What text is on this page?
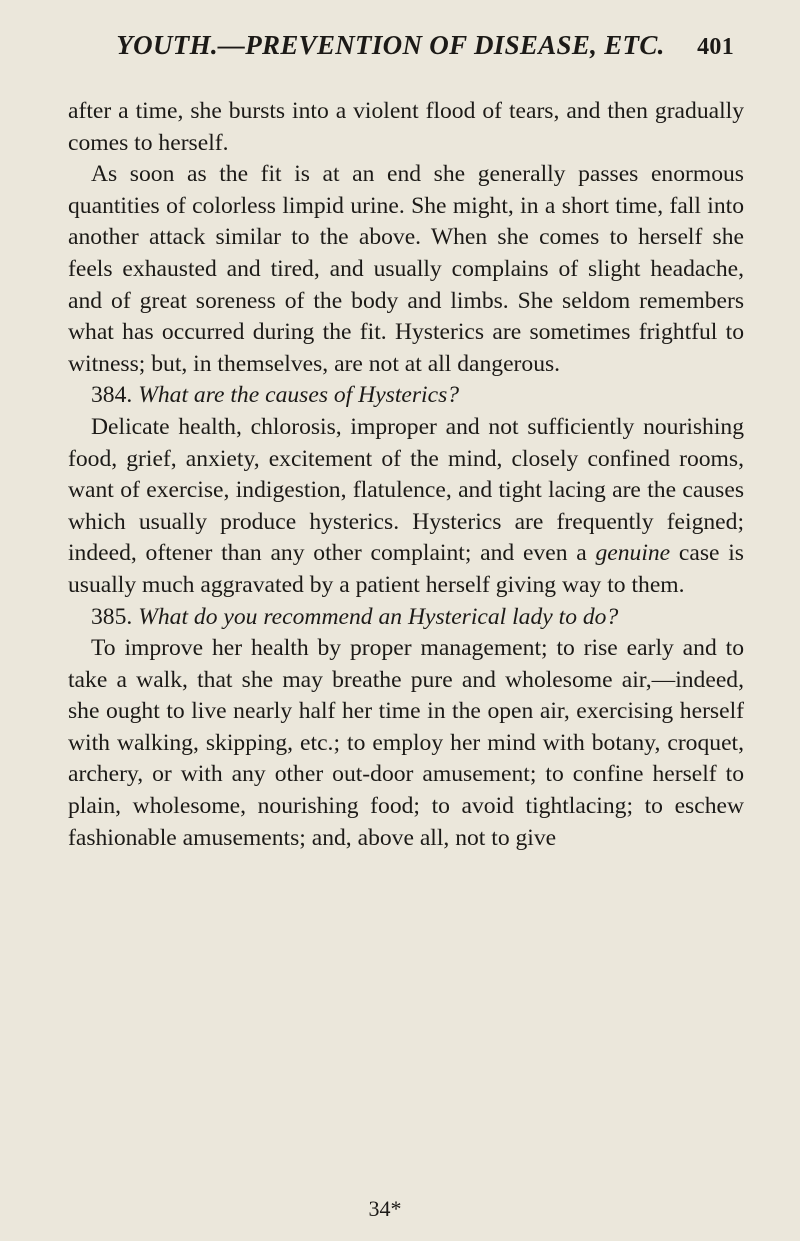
YOUTH.—PREVENTION OF DISEASE, ETC.	401

after a time, she bursts into a violent flood of tears, and then gradually comes to herself.

As soon as the fit is at an end she generally passes enormous quantities of colorless limpid urine. She might, in a short time, fall into another attack similar to the above. When she comes to herself she feels exhausted and tired, and usually complains of slight headache, and of great soreness of the body and limbs. She seldom remembers what has occurred during the fit. Hysterics are sometimes frightful to witness; but, in themselves, are not at all dangerous.

384. What are the causes of Hysterics?

Delicate health, chlorosis, improper and not sufficiently nourishing food, grief, anxiety, excitement of the mind, closely confined rooms, want of exercise, indigestion, flatulence, and tight lacing are the causes which usually produce hysterics. Hysterics are frequently feigned; indeed, oftener than any other complaint; and even a genuine case is usually much aggravated by a patient herself giving way to them.

385. What do you recommend an Hysterical lady to do?

To improve her health by proper management; to rise early and to take a walk, that she may breathe pure and wholesome air,—indeed, she ought to live nearly half her time in the open air, exercising herself with walking, skipping, etc.; to employ her mind with botany, croquet, archery, or with any other out-door amusement; to confine herself to plain, wholesome, nourishing food; to avoid tightlacing; to eschew fashionable amusements; and, above all, not to give

34*
